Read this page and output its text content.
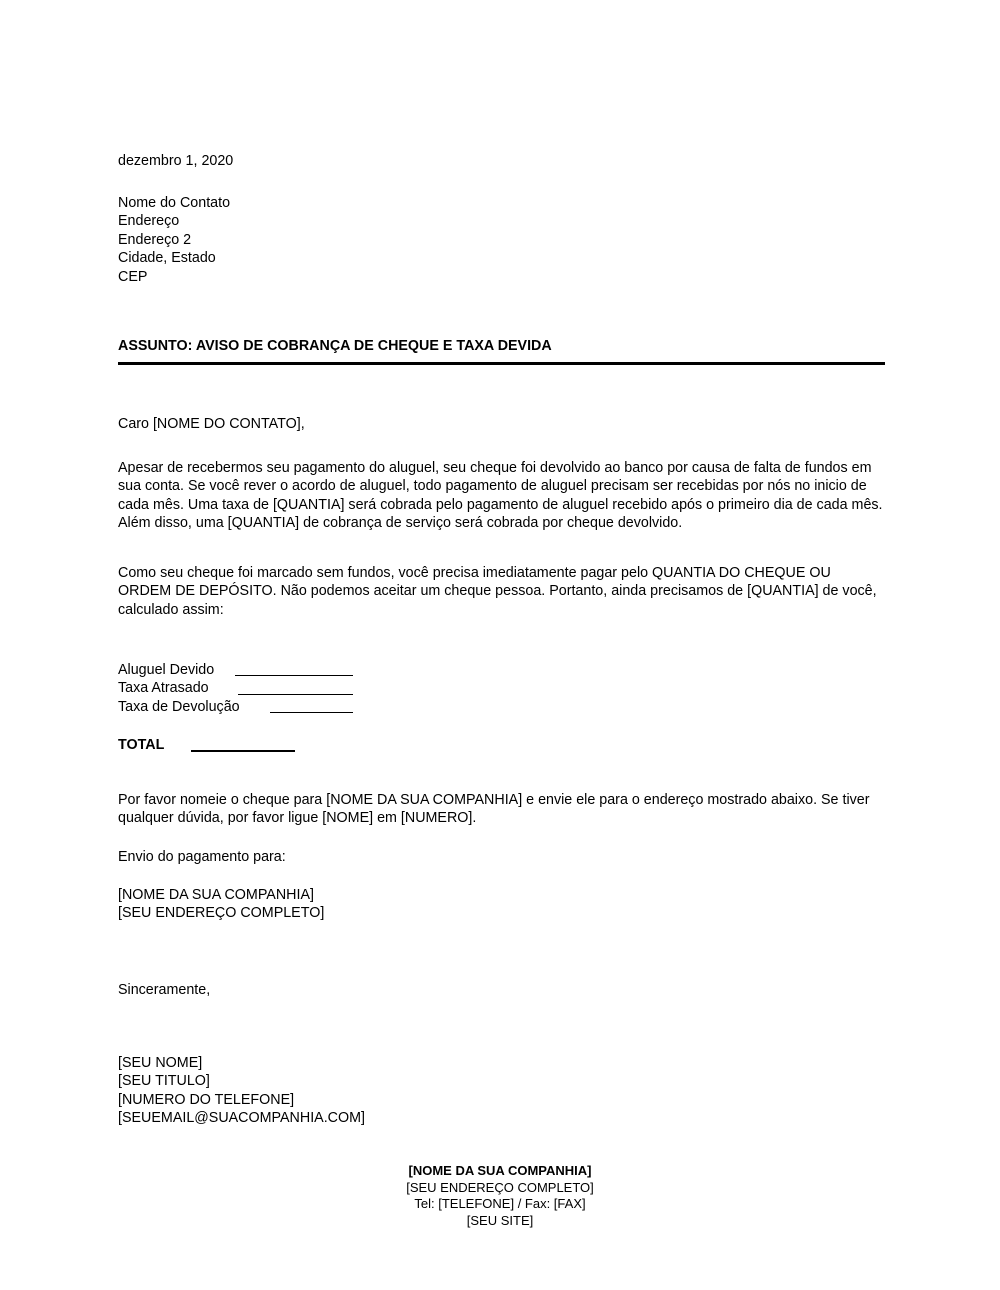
dezembro 1, 2020
Nome do Contato
Endereço
Endereço 2
Cidade, Estado
CEP
ASSUNTO: AVISO DE COBRANÇA DE CHEQUE E TAXA DEVIDA
Caro [NOME DO CONTATO],
Apesar de recebermos seu pagamento do aluguel, seu cheque foi devolvido ao banco por causa de falta de fundos em sua conta. Se você rever o acordo de aluguel, todo pagamento de aluguel precisam ser recebidas por nós no inicio de cada mês. Uma taxa de [QUANTIA] será cobrada pelo pagamento de aluguel recebido após o primeiro dia de cada mês. Além disso, uma [QUANTIA] de cobrança de serviço será cobrada por cheque devolvido.
Como seu cheque foi marcado sem fundos, você precisa imediatamente pagar pelo QUANTIA DO CHEQUE OU ORDEM DE DEPÓSITO. Não podemos aceitar um cheque pessoa. Portanto, ainda precisamos de [QUANTIA] de você, calculado assim:
Aluguel Devido
Taxa Atrasado
Taxa de Devolução
TOTAL
Por favor nomeie o cheque para [NOME DA SUA COMPANHIA] e envie ele para o endereço mostrado abaixo. Se tiver qualquer dúvida, por favor ligue [NOME] em [NUMERO].
Envio do pagamento para:
[NOME DA SUA COMPANHIA]
[SEU ENDEREÇO COMPLETO]
Sinceramente,
[SEU NOME]
[SEU TITULO]
[NUMERO DO TELEFONE]
[SEUEMAIL@SUACOMPANHIA.COM]
[NOME DA SUA COMPANHIA]
[SEU ENDEREÇO COMPLETO]
Tel: [TELEFONE] / Fax: [FAX]
[SEU SITE]
